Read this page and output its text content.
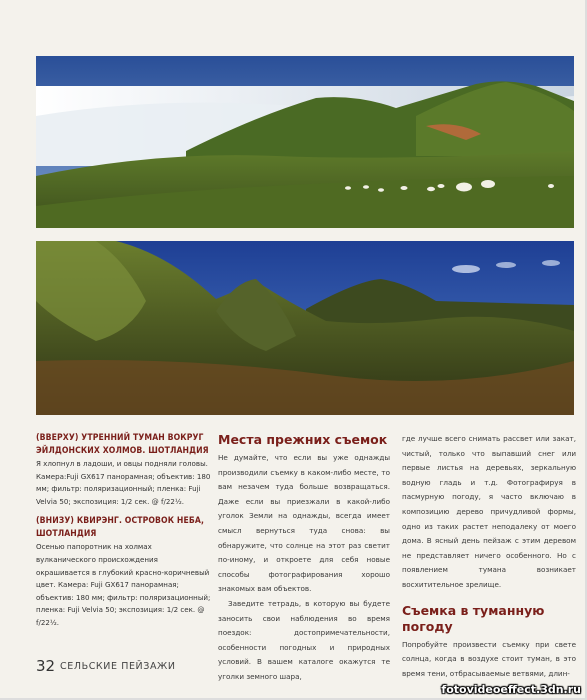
(ВВЕРХУ) УТРЕННИЙ ТУМАН ВОКРУГ ЭЙЛДОНСКИХ ХОЛМОВ. ШОТЛАНДИЯ

Я хлопнул в ладоши, и овцы подняли головы. Камера:Fuji GX617 панорамная; объектив: 180 мм; фильтр: поляризационный; пленка: Fuji Velvia 50; экспозиция: 1/2 сек. @ f/22½.

(ВНИЗУ) КВИРЭНГ. ОСТРОВОК НЕБА, ШОТЛАНДИЯ

Осенью папоротник на холмах вулканического происхождения окрашивается в глубокий красно-коричневый цвет. Камера: Fuji GX617 панорамная; объектив: 180 мм; фильтр: поляризационный; пленка: Fuji Velvia 50; экспозиция: 1/2 сек. @ f/22½.

Места прежних съемок

Не думайте, что если вы уже однажды производили съемку в каком-либо месте, то вам незачем туда больше возвращаться. Даже если вы приезжали в какой-либо уголок Земли на однажды, всегда имеет смысл вернуться туда снова: вы обнаружите, что солнце на этот раз светит по-иному, и откроете для себя новые способы фотографирования хорошо знакомых вам объектов.

Заведите тетрадь, в которую вы будете заносить свои наблюдения во время поездок: достопримечательности, особенности погодных и природных условий. В вашем каталоге окажутся те уголки земного шара,

где лучше всего снимать рассвет или закат, чистый, только что выпавший снег или первые листья на деревьях, зеркальную водную гладь и т.д. Фотографируя в пасмурную погоду, я часто включаю в композицию дерево причудливой формы, одно из таких растет неподалеку от моего дома. В ясный день пейзаж с этим деревом не представляет ничего особенного. Но с появлением тумана возникает восхитительное зрелище.

Съемка в туманную погоду

Попробуйте произвести съемку при свете солнца, когда в воздухе стоит туман, в это время тени, отбрасываемые ветвями, длин-

32 СЕЛЬСКИЕ ПЕЙЗАЖИ
fotovideoeffect.3dn.ru
